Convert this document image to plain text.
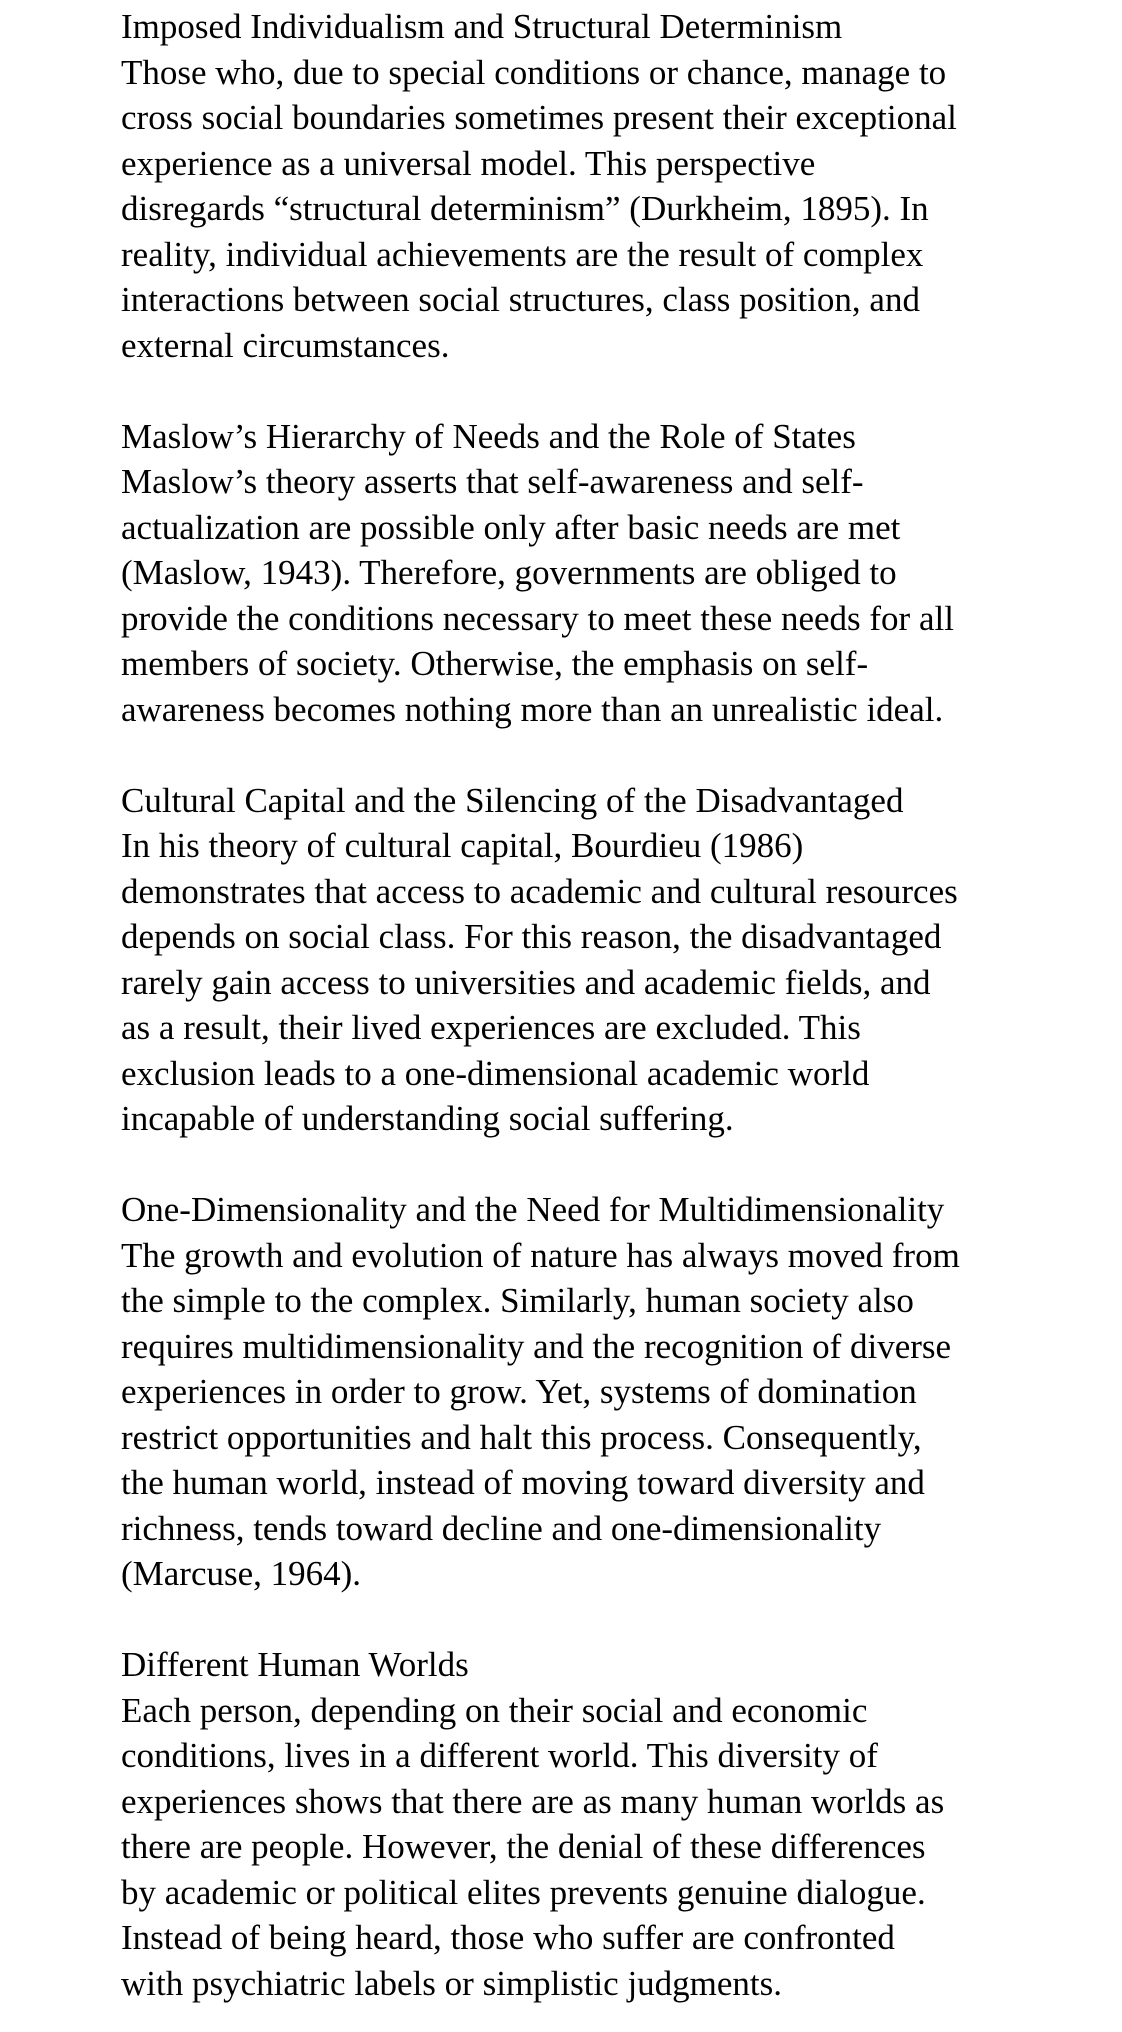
Imposed Individualism and Structural Determinism
Those who, due to special conditions or chance, manage to
cross social boundaries sometimes present their exceptional
experience as a universal model. This perspective
disregards “structural determinism” (Durkheim, 1895). In
reality, individual achievements are the result of complex
interactions between social structures, class position, and
external circumstances.
Maslow’s Hierarchy of Needs and the Role of States
Maslow’s theory asserts that self-awareness and self-
actualization are possible only after basic needs are met
(Maslow, 1943). Therefore, governments are obliged to
provide the conditions necessary to meet these needs for all
members of society. Otherwise, the emphasis on self-
awareness becomes nothing more than an unrealistic ideal.
Cultural Capital and the Silencing of the Disadvantaged
In his theory of cultural capital, Bourdieu (1986)
demonstrates that access to academic and cultural resources
depends on social class. For this reason, the disadvantaged
rarely gain access to universities and academic fields, and
as a result, their lived experiences are excluded. This
exclusion leads to a one-dimensional academic world
incapable of understanding social suffering.
One-Dimensionality and the Need for Multidimensionality
The growth and evolution of nature has always moved from
the simple to the complex. Similarly, human society also
requires multidimensionality and the recognition of diverse
experiences in order to grow. Yet, systems of domination
restrict opportunities and halt this process. Consequently,
the human world, instead of moving toward diversity and
richness, tends toward decline and one-dimensionality
(Marcuse, 1964).
Different Human Worlds
Each person, depending on their social and economic
conditions, lives in a different world. This diversity of
experiences shows that there are as many human worlds as
there are people. However, the denial of these differences
by academic or political elites prevents genuine dialogue.
Instead of being heard, those who suffer are confronted
with psychiatric labels or simplistic judgments.
